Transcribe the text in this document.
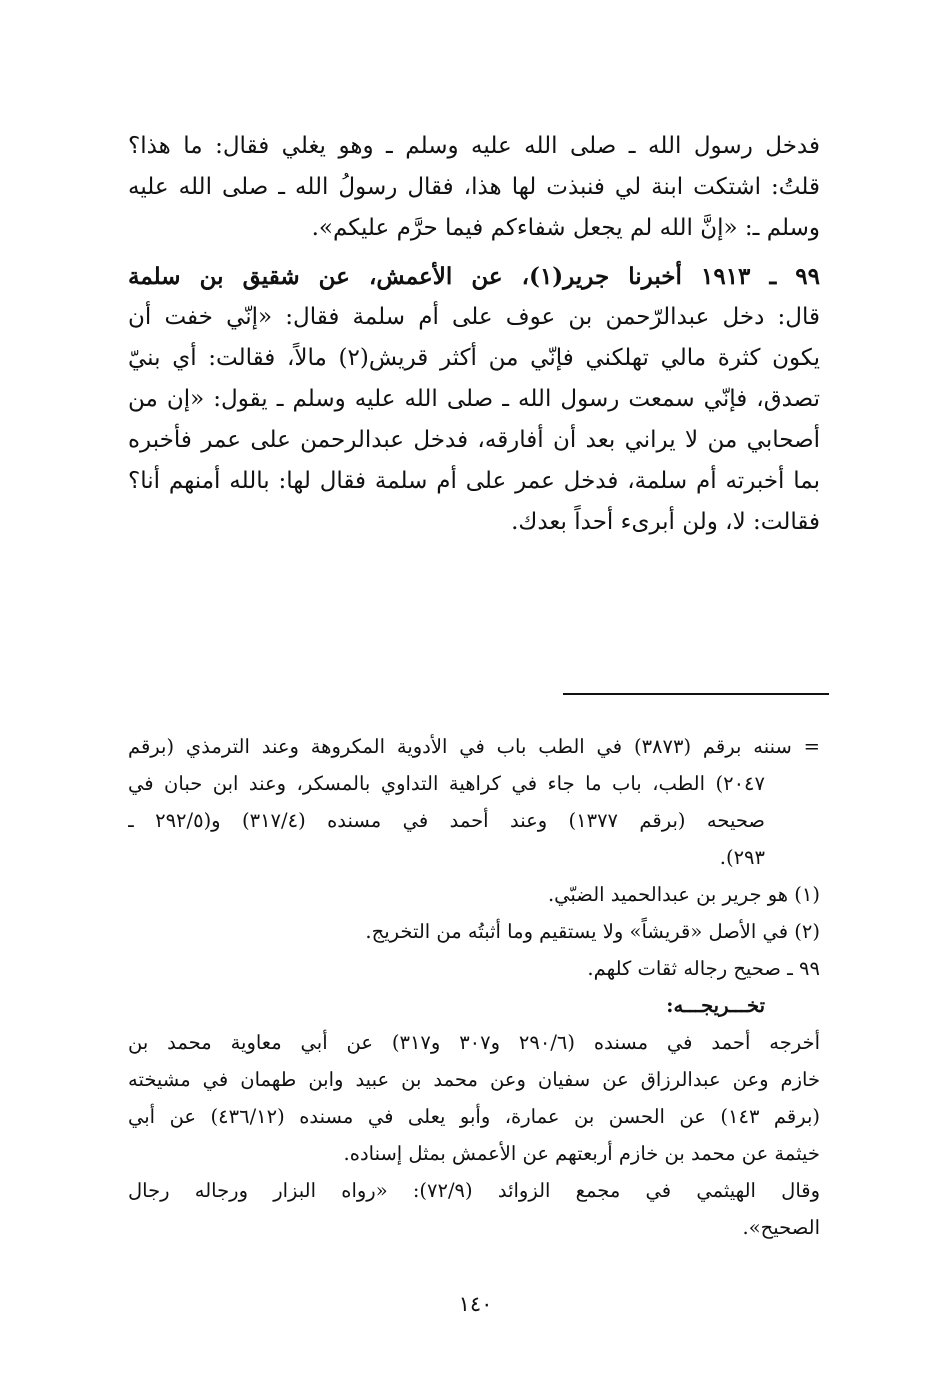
فدخل رسول الله ـ صلى الله عليه وسلم ـ وهو يغلي فقال: ما هذا؟
قلتُ: اشتكت ابنة لي فنبذت لها هذا، فقال رسولُ الله ـ صلى الله عليه
وسلم ـ: «إنَّ الله لم يجعل شفاءكم فيما حرَّم عليكم».
٩٩ ـ ١٩١٣ أخبرنا جرير(١)، عن الأعمش، عن شقيق بن سلمة
قال: دخل عبدالرّحمن بن عوف على أم سلمة فقال: «إنّي خفت أن
يكون كثرة مالي تهلكني فإنّي من أكثر قريش(٢) مالاً، فقالت: أي بنيّ
تصدق، فإنّي سمعت رسول الله ـ صلى الله عليه وسلم ـ يقول: «إن من
أصحابي من لا يراني بعد أن أفارقه، فدخل عبدالرحمن على عمر فأخبره
بما أخبرته أم سلمة، فدخل عمر على أم سلمة فقال لها: بالله أمنهم أنا؟
فقالت: لا، ولن أبرىء أحداً بعدك.
= سننه برقم (٣٨٧٣) في الطب باب في الأدوية المكروهة وعند الترمذي (برقم
٢٠٤٧) الطب، باب ما جاء في كراهية التداوي بالمسكر، وعند ابن حبان في
صحيحه (برقم ١٣٧٧) وعند أحمد في مسنده (٣١٧/٤) و(٢٩٢/٥ ـ
٢٩٣).
(١) هو جرير بن عبدالحميد الضبّي.
(٢) في الأصل «قريشاً» ولا يستقيم وما أثبتُه من التخريج.
٩٩ ـ صحيح رجاله ثقات كلهم.
تخـــريجـــه:
أخرجه أحمد في مسنده (٢٩٠/٦ و٣٠٧ و٣١٧) عن أبي معاوية محمد بن
خازم وعن عبدالرزاق عن سفيان وعن محمد بن عبيد وابن طهمان في مشيخته
(برقم ١٤٣) عن الحسن بن عمارة، وأبو يعلى في مسنده (٤٣٦/١٢) عن أبي
خيثمة عن محمد بن خازم أربعتهم عن الأعمش بمثل إسناده.
وقال الهيثمي في مجمع الزوائد (٧٢/٩): «رواه البزار ورجاله رجال
الصحيح».
١٤٠
